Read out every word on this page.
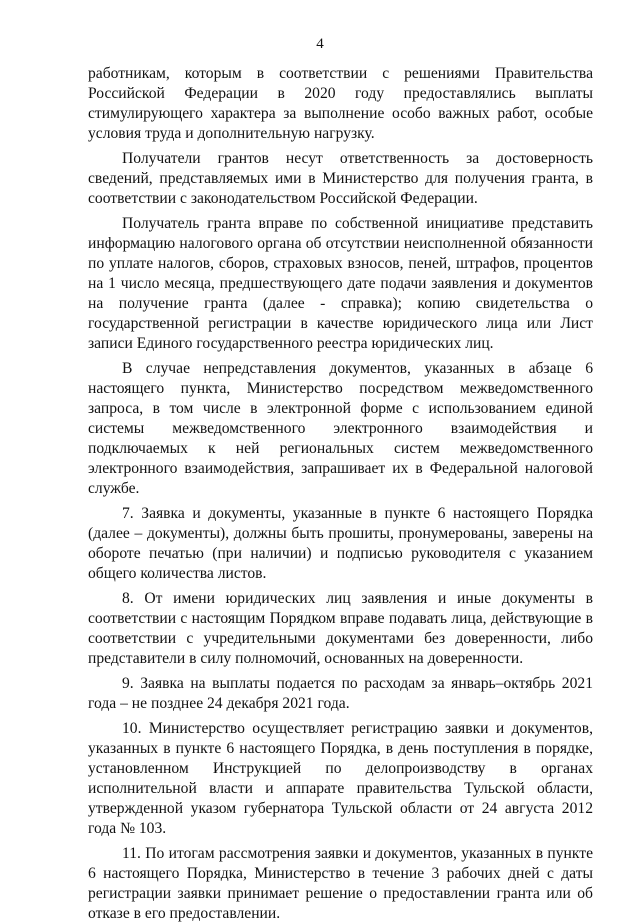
4

работникам, которым в соответствии с решениями Правительства Российской Федерации в 2020 году предоставлялись выплаты стимулирующего характера за выполнение особо важных работ, особые условия труда и дополнительную нагрузку.

Получатели грантов несут ответственность за достоверность сведений, представляемых ими в Министерство для получения гранта, в соответствии с законодательством Российской Федерации.

Получатель гранта вправе по собственной инициативе представить информацию налогового органа об отсутствии неисполненной обязанности по уплате налогов, сборов, страховых взносов, пеней, штрафов, процентов на 1 число месяца, предшествующего дате подачи заявления и документов на получение гранта (далее - справка); копию свидетельства о государственной регистрации в качестве юридического лица или Лист записи Единого государственного реестра юридических лиц.

В случае непредставления документов, указанных в абзаце 6 настоящего пункта, Министерство посредством межведомственного запроса, в том числе в электронной форме с использованием единой системы межведомственного электронного взаимодействия и подключаемых к ней региональных систем межведомственного электронного взаимодействия, запрашивает их в Федеральной налоговой службе.

7. Заявка и документы, указанные в пункте 6 настоящего Порядка (далее – документы), должны быть прошиты, пронумерованы, заверены на обороте печатью (при наличии) и подписью руководителя с указанием общего количества листов.

8. От имени юридических лиц заявления и иные документы в соответствии с настоящим Порядком вправе подавать лица, действующие в соответствии с учредительными документами без доверенности, либо представители в силу полномочий, основанных на доверенности.

9. Заявка на выплаты подается по расходам за январь–октябрь 2021 года – не позднее 24 декабря 2021 года.

10. Министерство осуществляет регистрацию заявки и документов, указанных в пункте 6 настоящего Порядка, в день поступления в порядке, установленном Инструкцией по делопроизводству в органах исполнительной власти и аппарате правительства Тульской области, утвержденной указом губернатора Тульской области от 24 августа 2012 года № 103.

11. По итогам рассмотрения заявки и документов, указанных в пункте 6 настоящего Порядка, Министерство в течение 3 рабочих дней с даты регистрации заявки принимает решение о предоставлении гранта или об отказе в его предоставлении.
